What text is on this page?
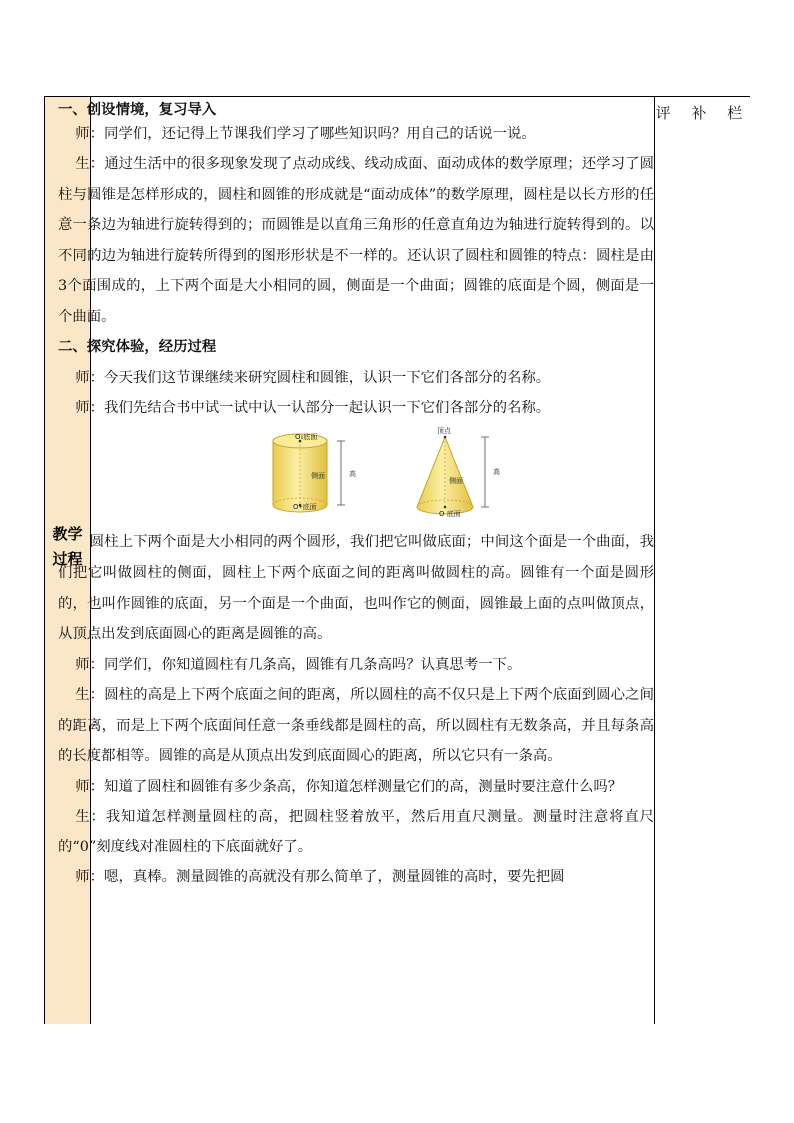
教学
过程
评 补 栏
一、创设情境，复习导入

师：同学们，还记得上节课我们学习了哪些知识吗？用自己的话说一说。

生：通过生活中的很多现象发现了点动成线、线动成面、面动成体的数学原理；还学习了圆柱与圆锥是怎样形成的，圆柱和圆锥的形成就是“面动成体”的数学原理，圆柱是以长方形的任意一条边为轴进行旋转得到的；而圆锥是以直角三角形的任意直角边为轴进行旋转得到的。以不同的边为轴进行旋转所得到的图形形状是不一样的。还认识了圆柱和圆锥的特点：圆柱是由3个面围成的，上下两个面是大小相同的圆，侧面是一个曲面；圆锥的底面是个圆，侧面是一个曲面。

二、探究体验，经历过程

师：今天我们这节课继续来研究圆柱和圆锥，认识一下它们各部分的名称。

师：我们先结合书中试一试中认一认部分一起认识一下它们各部分的名称。

O₁底面
侧面
O•底面
高
顶点
侧面
O 底面
高

圆柱上下两个面是大小相同的两个圆形，我们把它叫做底面；中间这个面是一个曲面，我们把它叫做圆柱的侧面，圆柱上下两个底面之间的距离叫做圆柱的高。圆锥有一个面是圆形的，也叫作圆锥的底面，另一个面是一个曲面，也叫作它的侧面，圆锥最上面的点叫做顶点，从顶点出发到底面圆心的距离是圆锥的高。

师：同学们，你知道圆柱有几条高，圆锥有几条高吗？认真思考一下。

生：圆柱的高是上下两个底面之间的距离，所以圆柱的高不仅只是上下两个底面到圆心之间的距离，而是上下两个底面间任意一条垂线都是圆柱的高，所以圆柱有无数条高，并且每条高的长度都相等。圆锥的高是从顶点出发到底面圆心的距离，所以它只有一条高。

师：知道了圆柱和圆锥有多少条高，你知道怎样测量它们的高，测量时要注意什么吗？

生：我知道怎样测量圆柱的高，把圆柱竖着放平，然后用直尺测量。测量时注意将直尺的“0”刻度线对准圆柱的下底面就好了。

师：嗯，真棒。测量圆锥的高就没有那么简单了，测量圆锥的高时，要先把圆
